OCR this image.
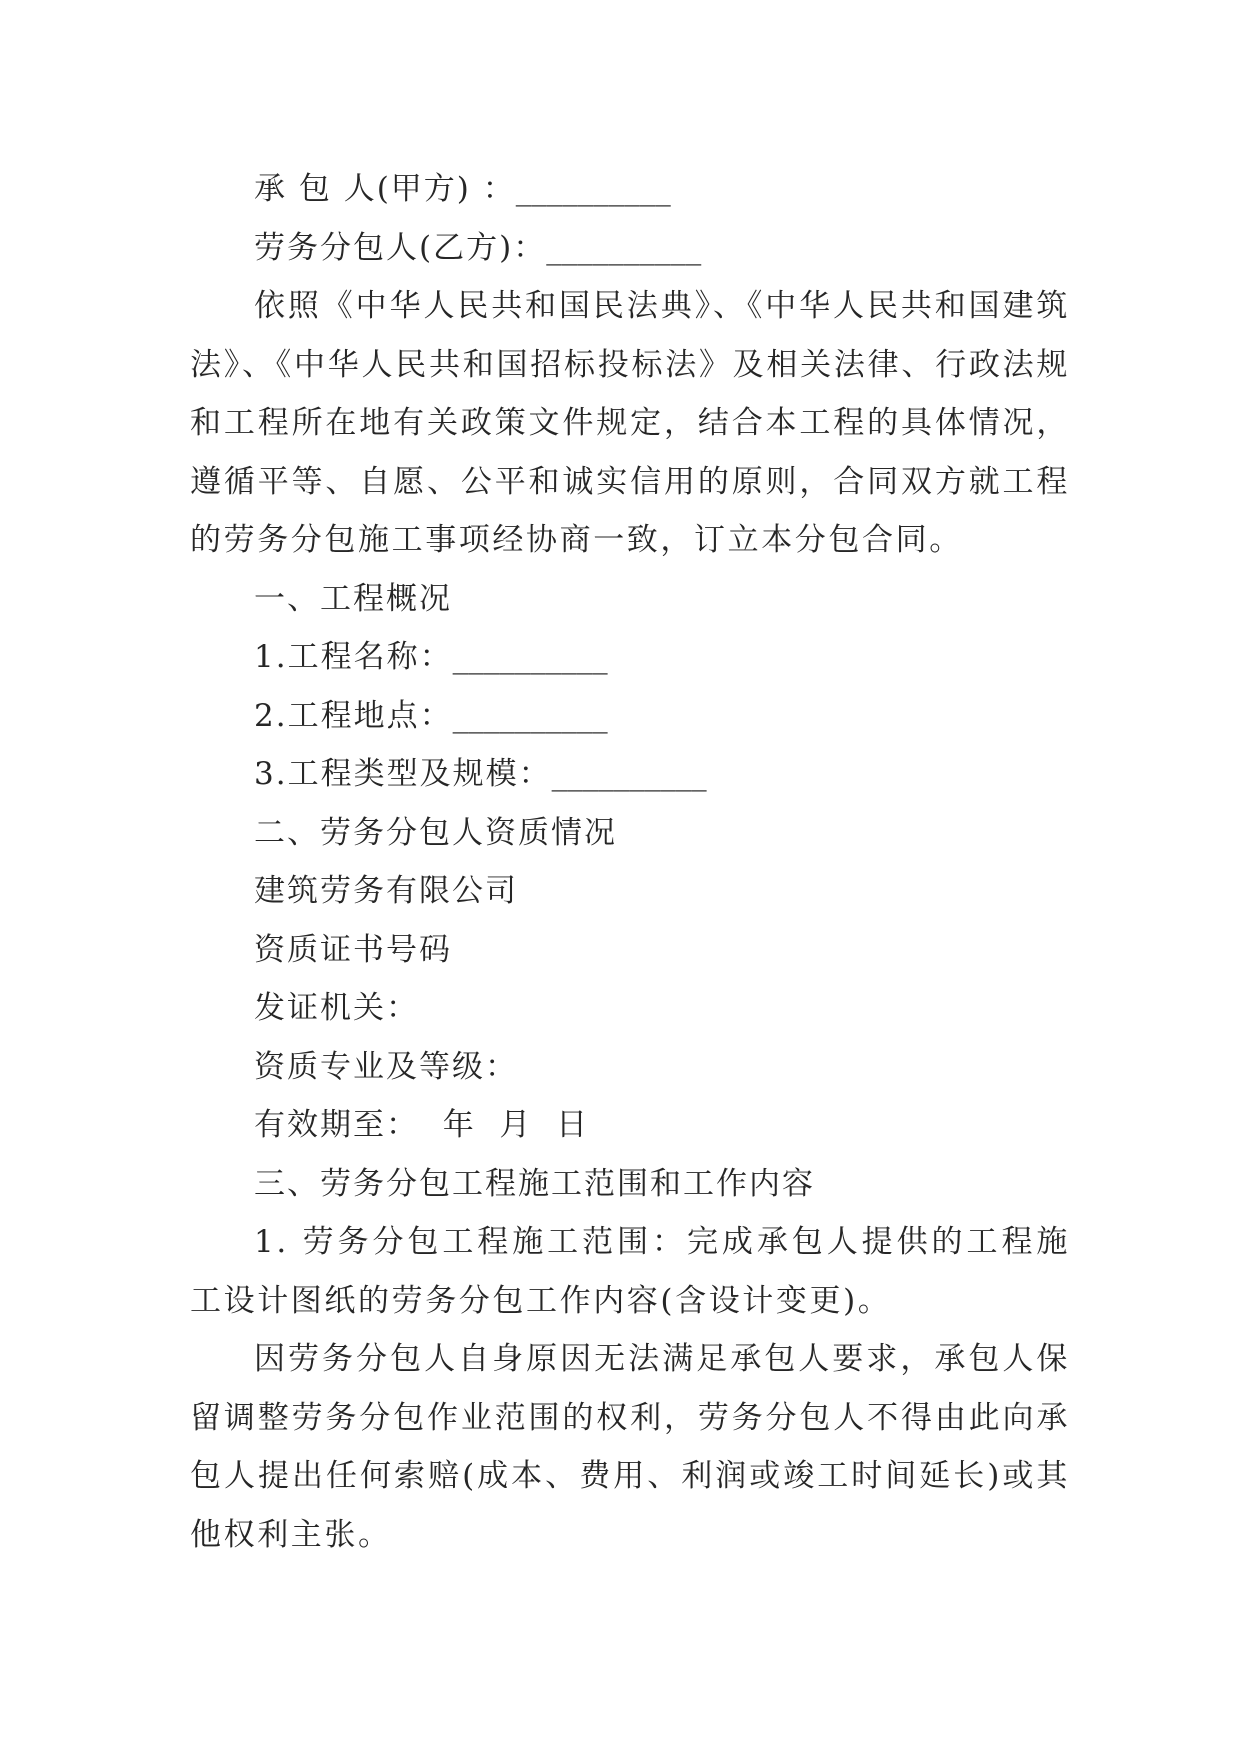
承 包 人(甲方) ：__________
劳务分包人(乙方)：__________
依照《中华人民共和国民法典》、《中华人民共和国建筑法》、《中华人民共和国招标投标法》及相关法律、行政法规和工程所在地有关政策文件规定，结合本工程的具体情况，遵循平等、自愿、公平和诚实信用的原则，合同双方就工程的劳务分包施工事项经协商一致，订立本分包合同。
一、工程概况
1.工程名称：__________
2.工程地点：__________
3.工程类型及规模：__________
二、劳务分包人资质情况
建筑劳务有限公司
资质证书号码
发证机关：
资质专业及等级：
有效期至：  年  月  日
三、劳务分包工程施工范围和工作内容
1. 劳务分包工程施工范围：完成承包人提供的工程施工设计图纸的劳务分包工作内容(含设计变更)。
因劳务分包人自身原因无法满足承包人要求，承包人保留调整劳务分包作业范围的权利，劳务分包人不得由此向承包人提出任何索赔(成本、费用、利润或竣工时间延长)或其他权利主张。
